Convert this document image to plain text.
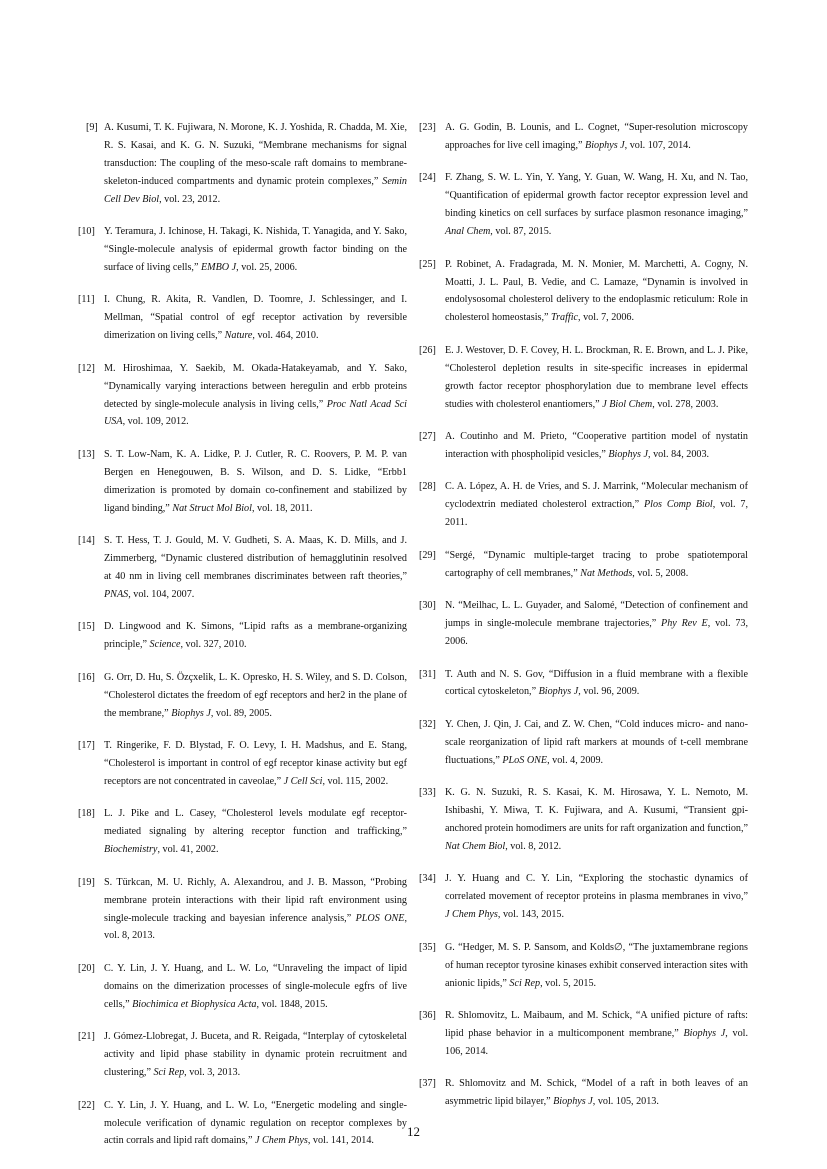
[9] A. Kusumi, T. K. Fujiwara, N. Morone, K. J. Yoshida, R. Chadda, M. Xie, R. S. Kasai, and K. G. N. Suzuki, “Membrane mechanisms for signal transduction: The coupling of the meso-scale raft domains to membrane-skeleton-induced compartments and dynamic protein complexes,” Semin Cell Dev Biol, vol. 23, 2012.
[10] Y. Teramura, J. Ichinose, H. Takagi, K. Nishida, T. Yanagida, and Y. Sako, “Single-molecule analysis of epidermal growth factor binding on the surface of living cells,” EMBO J, vol. 25, 2006.
[11] I. Chung, R. Akita, R. Vandlen, D. Toomre, J. Schlessinger, and I. Mellman, “Spatial control of egf receptor activation by reversible dimerization on living cells,” Nature, vol. 464, 2010.
[12] M. Hiroshimaa, Y. Saekib, M. Okada-Hatakeyamab, and Y. Sako, “Dynamically varying interactions between heregulin and erbb proteins detected by single-molecule analysis in living cells,” Proc Natl Acad Sci USA, vol. 109, 2012.
[13] S. T. Low-Nam, K. A. Lidke, P. J. Cutler, R. C. Roovers, P. M. P. van Bergen en Henegouwen, B. S. Wilson, and D. S. Lidke, “Erbb1 dimerization is promoted by domain co-confinement and stabilized by ligand binding,” Nat Struct Mol Biol, vol. 18, 2011.
[14] S. T. Hess, T. J. Gould, M. V. Gudheti, S. A. Maas, K. D. Mills, and J. Zimmerberg, “Dynamic clustered distribution of hemagglutinin resolved at 40 nm in living cell membranes discriminates between raft theories,” PNAS, vol. 104, 2007.
[15] D. Lingwood and K. Simons, “Lipid rafts as a membrane-organizing principle,” Science, vol. 327, 2010.
[16] G. Orr, D. Hu, S. Özçxelik, L. K. Opresko, H. S. Wiley, and S. D. Colson, “Cholesterol dictates the freedom of egf receptors and her2 in the plane of the membrane,” Biophys J, vol. 89, 2005.
[17] T. Ringerike, F. D. Blystad, F. O. Levy, I. H. Madshus, and E. Stang, “Cholesterol is important in control of egf receptor kinase activity but egf receptors are not concentrated in caveolae,” J Cell Sci, vol. 115, 2002.
[18] L. J. Pike and L. Casey, “Cholesterol levels modulate egf receptor-mediated signaling by altering receptor function and trafficking,” Biochemistry, vol. 41, 2002.
[19] S. Türkcan, M. U. Richly, A. Alexandrou, and J. B. Masson, “Probing membrane protein interactions with their lipid raft environment using single-molecule tracking and bayesian inference analysis,” PLOS ONE, vol. 8, 2013.
[20] C. Y. Lin, J. Y. Huang, and L. W. Lo, “Unraveling the impact of lipid domains on the dimerization processes of single-molecule egfrs of live cells,” Biochimica et Biophysica Acta, vol. 1848, 2015.
[21] J. Gómez-Llobregat, J. Buceta, and R. Reigada, “Interplay of cytoskeletal activity and lipid phase stability in dynamic protein recruitment and clustering,” Sci Rep, vol. 3, 2013.
[22] C. Y. Lin, J. Y. Huang, and L. W. Lo, “Energetic modeling and single-molecule verification of dynamic regulation on receptor complexes by actin corrals and lipid raft domains,” J Chem Phys, vol. 141, 2014.
[23] A. G. Godin, B. Lounis, and L. Cognet, “Super-resolution microscopy approaches for live cell imaging,” Biophys J, vol. 107, 2014.
[24] F. Zhang, S. W. L. Yin, Y. Yang, Y. Guan, W. Wang, H. Xu, and N. Tao, “Quantification of epidermal growth factor receptor expression level and binding kinetics on cell surfaces by surface plasmon resonance imaging,” Anal Chem, vol. 87, 2015.
[25] P. Robinet, A. Fradagrada, M. N. Monier, M. Marchetti, A. Cogny, N. Moatti, J. L. Paul, B. Vedie, and C. Lamaze, “Dynamin is involved in endolysosomal cholesterol delivery to the endoplasmic reticulum: Role in cholesterol homeostasis,” Traffic, vol. 7, 2006.
[26] E. J. Westover, D. F. Covey, H. L. Brockman, R. E. Brown, and L. J. Pike, “Cholesterol depletion results in site-specific increases in epidermal growth factor receptor phosphorylation due to membrane level effects studies with cholesterol enantiomers,” J Biol Chem, vol. 278, 2003.
[27] A. Coutinho and M. Prieto, “Cooperative partition model of nystatin interaction with phospholipid vesicles,” Biophys J, vol. 84, 2003.
[28] C. A. López, A. H. de Vries, and S. J. Marrink, “Molecular mechanism of cyclodextrin mediated cholesterol extraction,” Plos Comp Biol, vol. 7, 2011.
[29] “Sergé, “Dynamic multiple-target tracing to probe spatiotemporal cartography of cell membranes,” Nat Methods, vol. 5, 2008.
[30] N. “Meilhac, L. L. Guyader, and Salomé, “Detection of confinement and jumps in single-molecule membrane trajectories,” Phy Rev E, vol. 73, 2006.
[31] T. Auth and N. S. Gov, “Diffusion in a fluid membrane with a flexible cortical cytoskeleton,” Biophys J, vol. 96, 2009.
[32] Y. Chen, J. Qin, J. Cai, and Z. W. Chen, “Cold induces micro- and nano-scale reorganization of lipid raft markers at mounds of t-cell membrane fluctuations,” PLoS ONE, vol. 4, 2009.
[33] K. G. N. Suzuki, R. S. Kasai, K. M. Hirosawa, Y. L. Nemoto, M. Ishibashi, Y. Miwa, T. K. Fujiwara, and A. Kusumi, “Transient gpi-anchored protein homodimers are units for raft organization and function,” Nat Chem Biol, vol. 8, 2012.
[34] J. Y. Huang and C. Y. Lin, “Exploring the stochastic dynamics of correlated movement of receptor proteins in plasma membranes in vivo,” J Chem Phys, vol. 143, 2015.
[35] G. “Hedger, M. S. P. Sansom, and Kolds∅, “The juxtamembrane regions of human receptor tyrosine kinases exhibit conserved interaction sites with anionic lipids,” Sci Rep, vol. 5, 2015.
[36] R. Shlomovitz, L. Maibaum, and M. Schick, “A unified picture of rafts: lipid phase behavior in a multicomponent membrane,” Biophys J, vol. 106, 2014.
[37] R. Shlomovitz and M. Schick, “Model of a raft in both leaves of an asymmetric lipid bilayer,” Biophys J, vol. 105, 2013.
12
